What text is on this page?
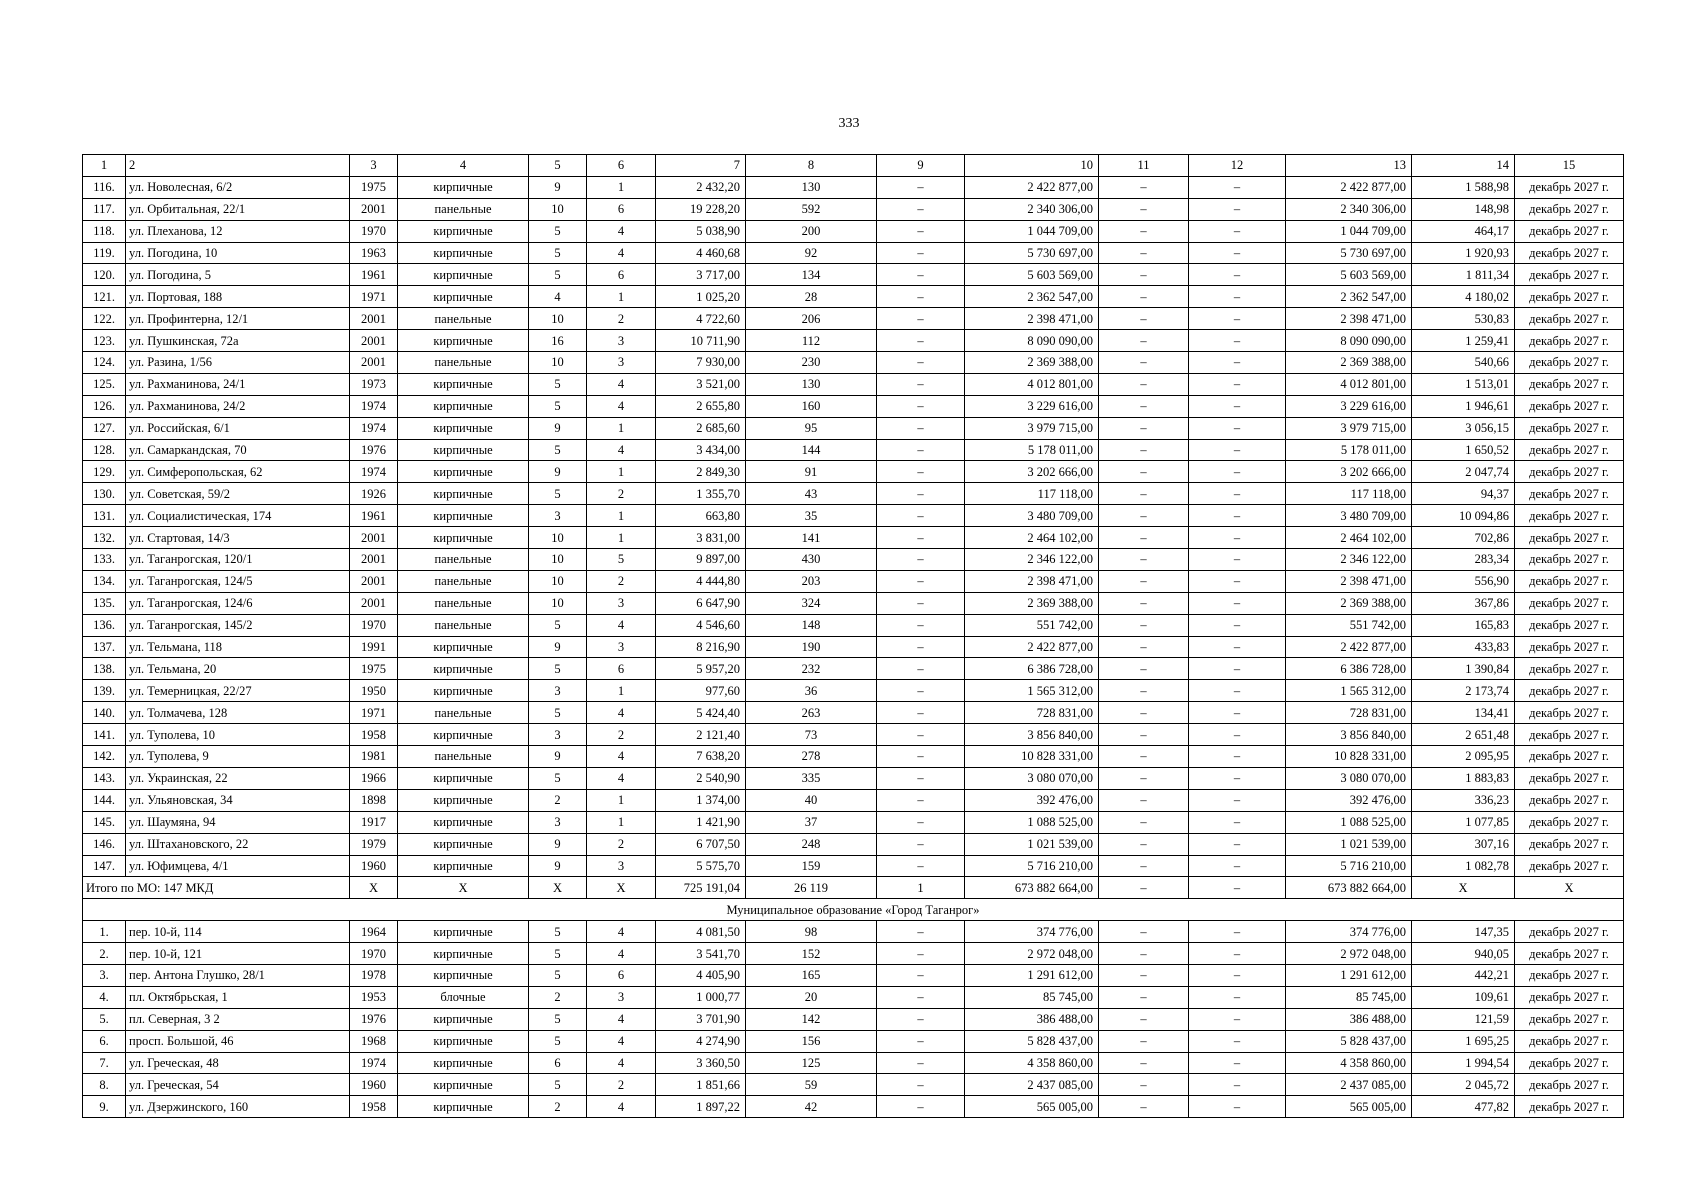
333
1	2	3	4	5	6	7	8	9	10	11	12	13	14	15
116.	ул. Новолесная, 6/2	1975	кирпичные	9	1	2 432,20	130	–	2 422 877,00	–	–	2 422 877,00	1 588,98	декабрь 2027 г.
117.	ул. Орбитальная, 22/1	2001	панельные	10	6	19 228,20	592	–	2 340 306,00	–	–	2 340 306,00	148,98	декабрь 2027 г.
118.	ул. Плеханова, 12	1970	кирпичные	5	4	5 038,90	200	–	1 044 709,00	–	–	1 044 709,00	464,17	декабрь 2027 г.
119.	ул. Погодина, 10	1963	кирпичные	5	4	4 460,68	92	–	5 730 697,00	–	–	5 730 697,00	1 920,93	декабрь 2027 г.
120.	ул. Погодина, 5	1961	кирпичные	5	6	3 717,00	134	–	5 603 569,00	–	–	5 603 569,00	1 811,34	декабрь 2027 г.
121.	ул. Портовая, 188	1971	кирпичные	4	1	1 025,20	28	–	2 362 547,00	–	–	2 362 547,00	4 180,02	декабрь 2027 г.
122.	ул. Профинтерна, 12/1	2001	панельные	10	2	4 722,60	206	–	2 398 471,00	–	–	2 398 471,00	530,83	декабрь 2027 г.
123.	ул. Пушкинская, 72а	2001	кирпичные	16	3	10 711,90	112	–	8 090 090,00	–	–	8 090 090,00	1 259,41	декабрь 2027 г.
124.	ул. Разина, 1/56	2001	панельные	10	3	7 930,00	230	–	2 369 388,00	–	–	2 369 388,00	540,66	декабрь 2027 г.
125.	ул. Рахманинова, 24/1	1973	кирпичные	5	4	3 521,00	130	–	4 012 801,00	–	–	4 012 801,00	1 513,01	декабрь 2027 г.
126.	ул. Рахманинова, 24/2	1974	кирпичные	5	4	2 655,80	160	–	3 229 616,00	–	–	3 229 616,00	1 946,61	декабрь 2027 г.
127.	ул. Российская, 6/1	1974	кирпичные	9	1	2 685,60	95	–	3 979 715,00	–	–	3 979 715,00	3 056,15	декабрь 2027 г.
128.	ул. Самаркандская, 70	1976	кирпичные	5	4	3 434,00	144	–	5 178 011,00	–	–	5 178 011,00	1 650,52	декабрь 2027 г.
129.	ул. Симферопольская, 62	1974	кирпичные	9	1	2 849,30	91	–	3 202 666,00	–	–	3 202 666,00	2 047,74	декабрь 2027 г.
130.	ул. Советская, 59/2	1926	кирпичные	5	2	1 355,70	43	–	117 118,00	–	–	117 118,00	94,37	декабрь 2027 г.
131.	ул. Социалистическая, 174	1961	кирпичные	3	1	663,80	35	–	3 480 709,00	–	–	3 480 709,00	10 094,86	декабрь 2027 г.
132.	ул. Стартовая, 14/3	2001	кирпичные	10	1	3 831,00	141	–	2 464 102,00	–	–	2 464 102,00	702,86	декабрь 2027 г.
133.	ул. Таганрогская, 120/1	2001	панельные	10	5	9 897,00	430	–	2 346 122,00	–	–	2 346 122,00	283,34	декабрь 2027 г.
134.	ул. Таганрогская, 124/5	2001	панельные	10	2	4 444,80	203	–	2 398 471,00	–	–	2 398 471,00	556,90	декабрь 2027 г.
135.	ул. Таганрогская, 124/6	2001	панельные	10	3	6 647,90	324	–	2 369 388,00	–	–	2 369 388,00	367,86	декабрь 2027 г.
136.	ул. Таганрогская, 145/2	1970	панельные	5	4	4 546,60	148	–	551 742,00	–	–	551 742,00	165,83	декабрь 2027 г.
137.	ул. Тельмана, 118	1991	кирпичные	9	3	8 216,90	190	–	2 422 877,00	–	–	2 422 877,00	433,83	декабрь 2027 г.
138.	ул. Тельмана, 20	1975	кирпичные	5	6	5 957,20	232	–	6 386 728,00	–	–	6 386 728,00	1 390,84	декабрь 2027 г.
139.	ул. Темерницкая, 22/27	1950	кирпичные	3	1	977,60	36	–	1 565 312,00	–	–	1 565 312,00	2 173,74	декабрь 2027 г.
140.	ул. Толмачева, 128	1971	панельные	5	4	5 424,40	263	–	728 831,00	–	–	728 831,00	134,41	декабрь 2027 г.
141.	ул. Туполева, 10	1958	кирпичные	3	2	2 121,40	73	–	3 856 840,00	–	–	3 856 840,00	2 651,48	декабрь 2027 г.
142.	ул. Туполева, 9	1981	панельные	9	4	7 638,20	278	–	10 828 331,00	–	–	10 828 331,00	2 095,95	декабрь 2027 г.
143.	ул. Украинская, 22	1966	кирпичные	5	4	2 540,90	335	–	3 080 070,00	–	–	3 080 070,00	1 883,83	декабрь 2027 г.
144.	ул. Ульяновская, 34	1898	кирпичные	2	1	1 374,00	40	–	392 476,00	–	–	392 476,00	336,23	декабрь 2027 г.
145.	ул. Шаумяна, 94	1917	кирпичные	3	1	1 421,90	37	–	1 088 525,00	–	–	1 088 525,00	1 077,85	декабрь 2027 г.
146.	ул. Штахановского, 22	1979	кирпичные	9	2	6 707,50	248	–	1 021 539,00	–	–	1 021 539,00	307,16	декабрь 2027 г.
147.	ул. Юфимцева, 4/1	1960	кирпичные	9	3	5 575,70	159	–	5 716 210,00	–	–	5 716 210,00	1 082,78	декабрь 2027 г.
Итого по МО: 147 МКД		X	X	X	X	725 191,04	26 119	1	673 882 664,00	–	–	673 882 664,00	X	X
Муниципальное образование «Город Таганрог»														
1.	пер. 10-й, 114	1964	кирпичные	5	4	4 081,50	98	–	374 776,00	–	–	374 776,00	147,35	декабрь 2027 г.
2.	пер. 10-й, 121	1970	кирпичные	5	4	3 541,70	152	–	2 972 048,00	–	–	2 972 048,00	940,05	декабрь 2027 г.
3.	пер. Антона Глушко, 28/1	1978	кирпичные	5	6	4 405,90	165	–	1 291 612,00	–	–	1 291 612,00	442,21	декабрь 2027 г.
4.	пл. Октябрьская, 1	1953	блочные	2	3	1 000,77	20	–	85 745,00	–	–	85 745,00	109,61	декабрь 2027 г.
5.	пл. Северная, 3 2	1976	кирпичные	5	4	3 701,90	142	–	386 488,00	–	–	386 488,00	121,59	декабрь 2027 г.
6.	просп. Большой, 46	1968	кирпичные	5	4	4 274,90	156	–	5 828 437,00	–	–	5 828 437,00	1 695,25	декабрь 2027 г.
7.	ул. Греческая, 48	1974	кирпичные	6	4	3 360,50	125	–	4 358 860,00	–	–	4 358 860,00	1 994,54	декабрь 2027 г.
8.	ул. Греческая, 54	1960	кирпичные	5	2	1 851,66	59	–	2 437 085,00	–	–	2 437 085,00	2 045,72	декабрь 2027 г.
9.	ул. Дзержинского, 160	1958	кирпичные	2	4	1 897,22	42	–	565 005,00	–	–	565 005,00	477,82	декабрь 2027 г.
